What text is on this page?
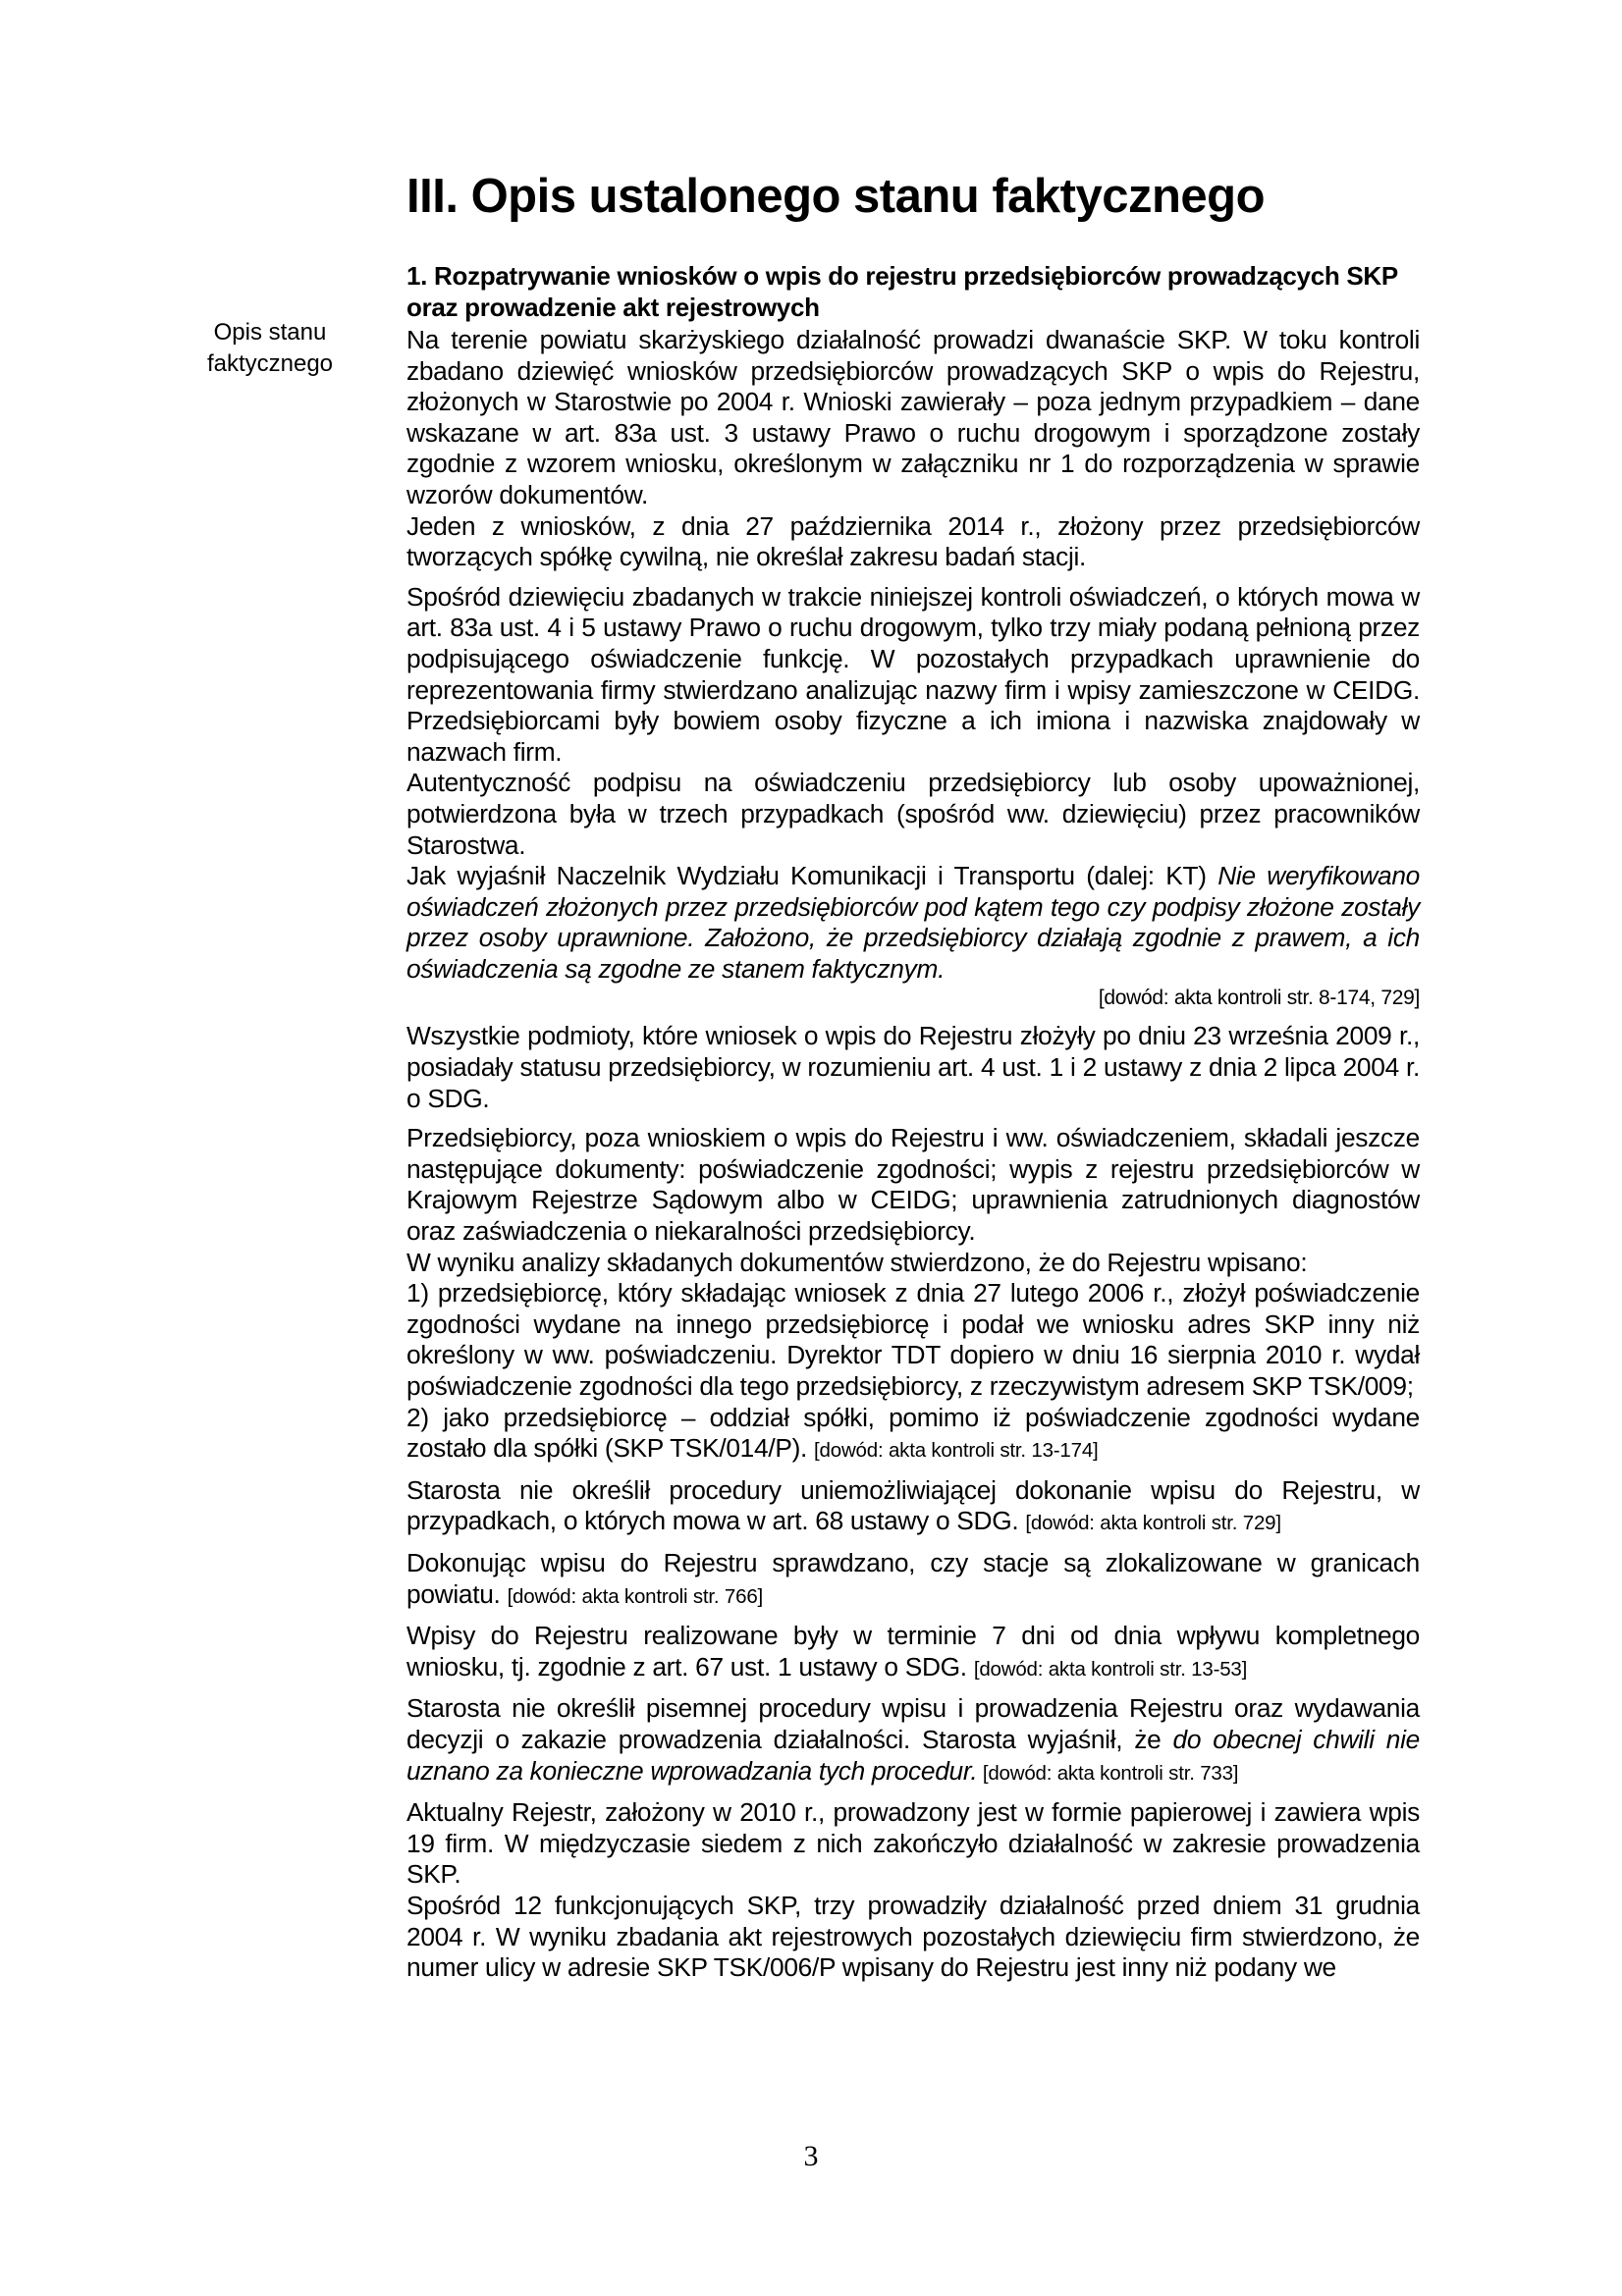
Opis stanu faktycznego
III. Opis ustalonego stanu faktycznego
1. Rozpatrywanie wniosków o wpis do rejestru przedsiębiorców prowadzących SKP oraz prowadzenie akt rejestrowych

Na terenie powiatu skarżyskiego działalność prowadzi dwanaście SKP. W toku kontroli zbadano dziewięć wniosków przedsiębiorców prowadzących SKP o wpis do Rejestru, złożonych w Starostwie po 2004 r. Wnioski zawierały – poza jednym przypadkiem – dane wskazane w art. 83a ust. 3 ustawy Prawo o ruchu drogowym i sporządzone zostały zgodnie z wzorem wniosku, określonym w załączniku nr 1 do rozporządzenia w sprawie wzorów dokumentów.

Jeden z wniosków, z dnia 27 października 2014 r., złożony przez przedsiębiorców tworzących spółkę cywilną, nie określał zakresu badań stacji.

Spośród dziewięciu zbadanych w trakcie niniejszej kontroli oświadczeń, o których mowa w art. 83a ust. 4 i 5 ustawy Prawo o ruchu drogowym, tylko trzy miały podaną pełnioną przez podpisującego oświadczenie funkcję. W pozostałych przypadkach uprawnienie do reprezentowania firmy stwierdzano analizując nazwy firm i wpisy zamieszczone w CEIDG. Przedsiębiorcami były bowiem osoby fizyczne a ich imiona i nazwiska znajdowały w nazwach firm.

Autentyczność podpisu na oświadczeniu przedsiębiorcy lub osoby upoważnionej, potwierdzona była w trzech przypadkach (spośród ww. dziewięciu) przez pracowników Starostwa.

Jak wyjaśnił Naczelnik Wydziału Komunikacji i Transportu (dalej: KT) Nie weryfikowano oświadczeń złożonych przez przedsiębiorców pod kątem tego czy podpisy złożone zostały przez osoby uprawnione. Założono, że przedsiębiorcy działają zgodnie z prawem, a ich oświadczenia są zgodne ze stanem faktycznym.

[dowód: akta kontroli str. 8-174, 729]

Wszystkie podmioty, które wniosek o wpis do Rejestru złożyły po dniu 23 września 2009 r., posiadały statusu przedsiębiorcy, w rozumieniu art. 4 ust. 1 i 2 ustawy z dnia 2 lipca 2004 r. o SDG.

Przedsiębiorcy, poza wnioskiem o wpis do Rejestru i ww. oświadczeniem, składali jeszcze następujące dokumenty: poświadczenie zgodności; wypis z rejestru przedsiębiorców w Krajowym Rejestrze Sądowym albo w CEIDG; uprawnienia zatrudnionych diagnostów oraz zaświadczenia o niekaralności przedsiębiorcy.

W wyniku analizy składanych dokumentów stwierdzono, że do Rejestru wpisano:

1) przedsiębiorcę, który składając wniosek z dnia 27 lutego 2006 r., złożył poświadczenie zgodności wydane na innego przedsiębiorcę i podał we wniosku adres SKP inny niż określony w ww. poświadczeniu. Dyrektor TDT dopiero w dniu 16 sierpnia 2010 r. wydał poświadczenie zgodności dla tego przedsiębiorcy, z rzeczywistym adresem SKP TSK/009;

2) jako przedsiębiorcę – oddział spółki, pomimo iż poświadczenie zgodności wydane zostało dla spółki (SKP TSK/014/P). [dowód: akta kontroli str. 13-174]

Starosta nie określił procedury uniemożliwiającej dokonanie wpisu do Rejestru, w przypadkach, o których mowa w art. 68 ustawy o SDG. [dowód: akta kontroli str. 729]

Dokonując wpisu do Rejestru sprawdzano, czy stacje są zlokalizowane w granicach powiatu. [dowód: akta kontroli str. 766]

Wpisy do Rejestru realizowane były w terminie 7 dni od dnia wpływu kompletnego wniosku, tj. zgodnie z art. 67 ust. 1 ustawy o SDG. [dowód: akta kontroli str. 13-53]

Starosta nie określił pisemnej procedury wpisu i prowadzenia Rejestru oraz wydawania decyzji o zakazie prowadzenia działalności. Starosta wyjaśnił, że do obecnej chwili nie uznano za konieczne wprowadzania tych procedur. [dowód: akta kontroli str. 733]

Aktualny Rejestr, założony w 2010 r., prowadzony jest w formie papierowej i zawiera wpis 19 firm. W międzyczasie siedem z nich zakończyło działalność w zakresie prowadzenia SKP.

Spośród 12 funkcjonujących SKP, trzy prowadziły działalność przed dniem 31 grudnia 2004 r. W wyniku zbadania akt rejestrowych pozostałych dziewięciu firm stwierdzono, że numer ulicy w adresie SKP TSK/006/P wpisany do Rejestru jest inny niż podany we

3
